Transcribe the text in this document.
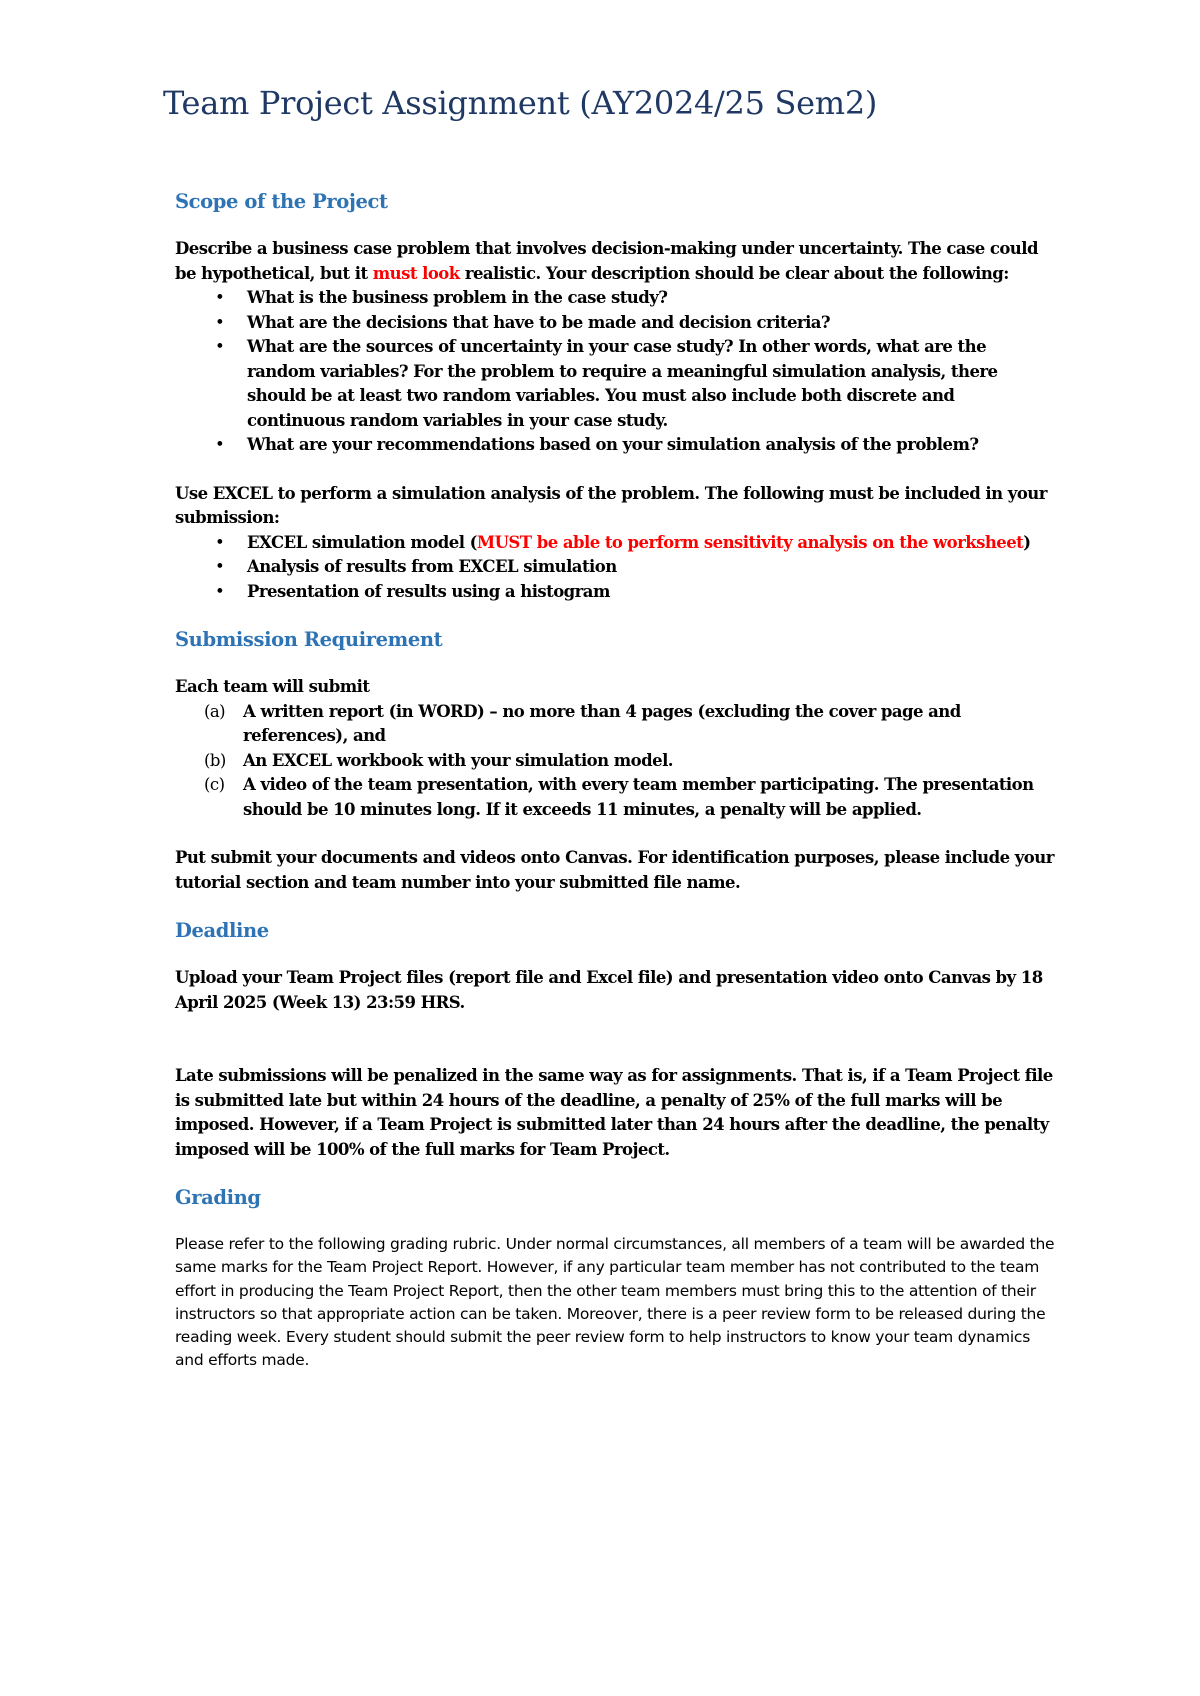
Team Project Assignment (AY2024/25 Sem2)
Scope of the Project

Describe a business case problem that involves decision-making under uncertainty. The case could be hypothetical, but it must look realistic. Your description should be clear about the following:

• What is the business problem in the case study?
• What are the decisions that have to be made and decision criteria?
• What are the sources of uncertainty in your case study? In other words, what are the random variables? For the problem to require a meaningful simulation analysis, there should be at least two random variables. You must also include both discrete and continuous random variables in your case study.
• What are your recommendations based on your simulation analysis of the problem?

Use EXCEL to perform a simulation analysis of the problem. The following must be included in your submission:

• EXCEL simulation model (MUST be able to perform sensitivity analysis on the worksheet)
• Analysis of results from EXCEL simulation
• Presentation of results using a histogram
Submission Requirement

Each team will submit

(a) A written report (in WORD) – no more than 4 pages (excluding the cover page and references), and
(b) An EXCEL workbook with your simulation model.
(c) A video of the team presentation, with every team member participating. The presentation should be 10 minutes long. If it exceeds 11 minutes, a penalty will be applied.

Put submit your documents and videos onto Canvas. For identification purposes, please include your tutorial section and team number into your submitted file name.

Deadline

Upload your Team Project files (report file and Excel file) and presentation video onto Canvas by 18 April 2025 (Week 13) 23:59 HRS.

Late submissions will be penalized in the same way as for assignments. That is, if a Team Project file is submitted late but within 24 hours of the deadline, a penalty of 25% of the full marks will be imposed. However, if a Team Project is submitted later than 24 hours after the deadline, the penalty imposed will be 100% of the full marks for Team Project.

Grading

Please refer to the following grading rubric. Under normal circumstances, all members of a team will be awarded the same marks for the Team Project Report. However, if any particular team member has not contributed to the team effort in producing the Team Project Report, then the other team members must bring this to the attention of their instructors so that appropriate action can be taken. Moreover, there is a peer review form to be released during the reading week. Every student should submit the peer review form to help instructors to know your team dynamics and efforts made.
